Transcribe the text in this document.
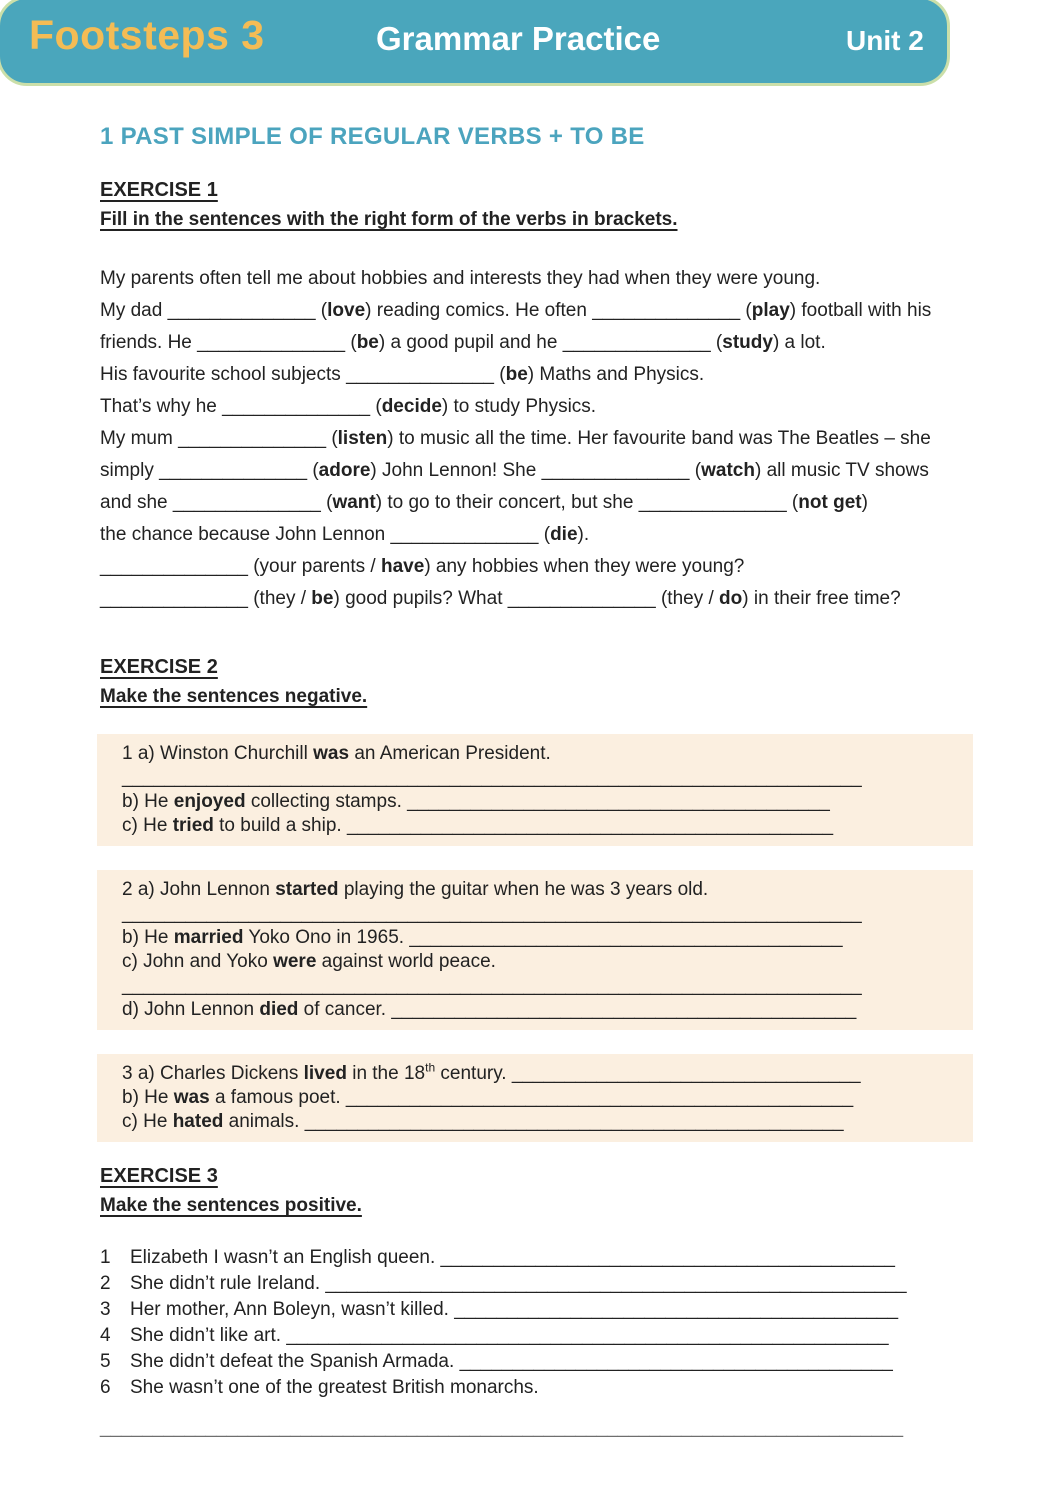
Footsteps 3	Grammar Practice	Unit 2
1 PAST SIMPLE OF REGULAR VERBS + TO BE
EXERCISE 1
Fill in the sentences with the right form of the verbs in brackets.
My parents often tell me about hobbies and interests they had when they were young.
My dad ______________ (love) reading comics. He often ______________ (play) football with his
friends. He ______________ (be) a good pupil and he ______________ (study) a lot.
His favourite school subjects ______________ (be) Maths and Physics.
That’s why he ______________ (decide) to study Physics.
My mum ______________ (listen) to music all the time. Her favourite band was The Beatles – she
simply ______________ (adore) John Lennon! She ______________ (watch) all music TV shows
and she ______________ (want) to go to their concert, but she ______________ (not get)
the chance because John Lennon ______________ (die).
______________ (your parents / have) any hobbies when they were young?
______________ (they / be) good pupils? What ______________ (they / do) in their free time?
EXERCISE 2
Make the sentences negative.
1 a) Winston Churchill was an American President.
______________________________________________________________________
b) He enjoyed collecting stamps. ________________________________________
c) He tried to build a ship. ______________________________________________
2 a) John Lennon started playing the guitar when he was 3 years old.
______________________________________________________________________
b) He married Yoko Ono in 1965. _________________________________________
c) John and Yoko were against world peace.
______________________________________________________________________
d) John Lennon died of cancer. ____________________________________________
3 a) Charles Dickens lived in the 18th century. _________________________________
b) He was a famous poet. ________________________________________________
c) He hated animals. ___________________________________________________
EXERCISE 3
Make the sentences positive.
1	Elizabeth I wasn’t an English queen. ___________________________________________
2	She didn’t rule Ireland. _______________________________________________________
3	Her mother, Ann Boleyn, wasn’t killed. __________________________________________
4	She didn’t like art. _________________________________________________________
5	She didn’t defeat the Spanish Armada. _________________________________________
6	She wasn’t one of the greatest British monarchs.
____________________________________________________________________________
